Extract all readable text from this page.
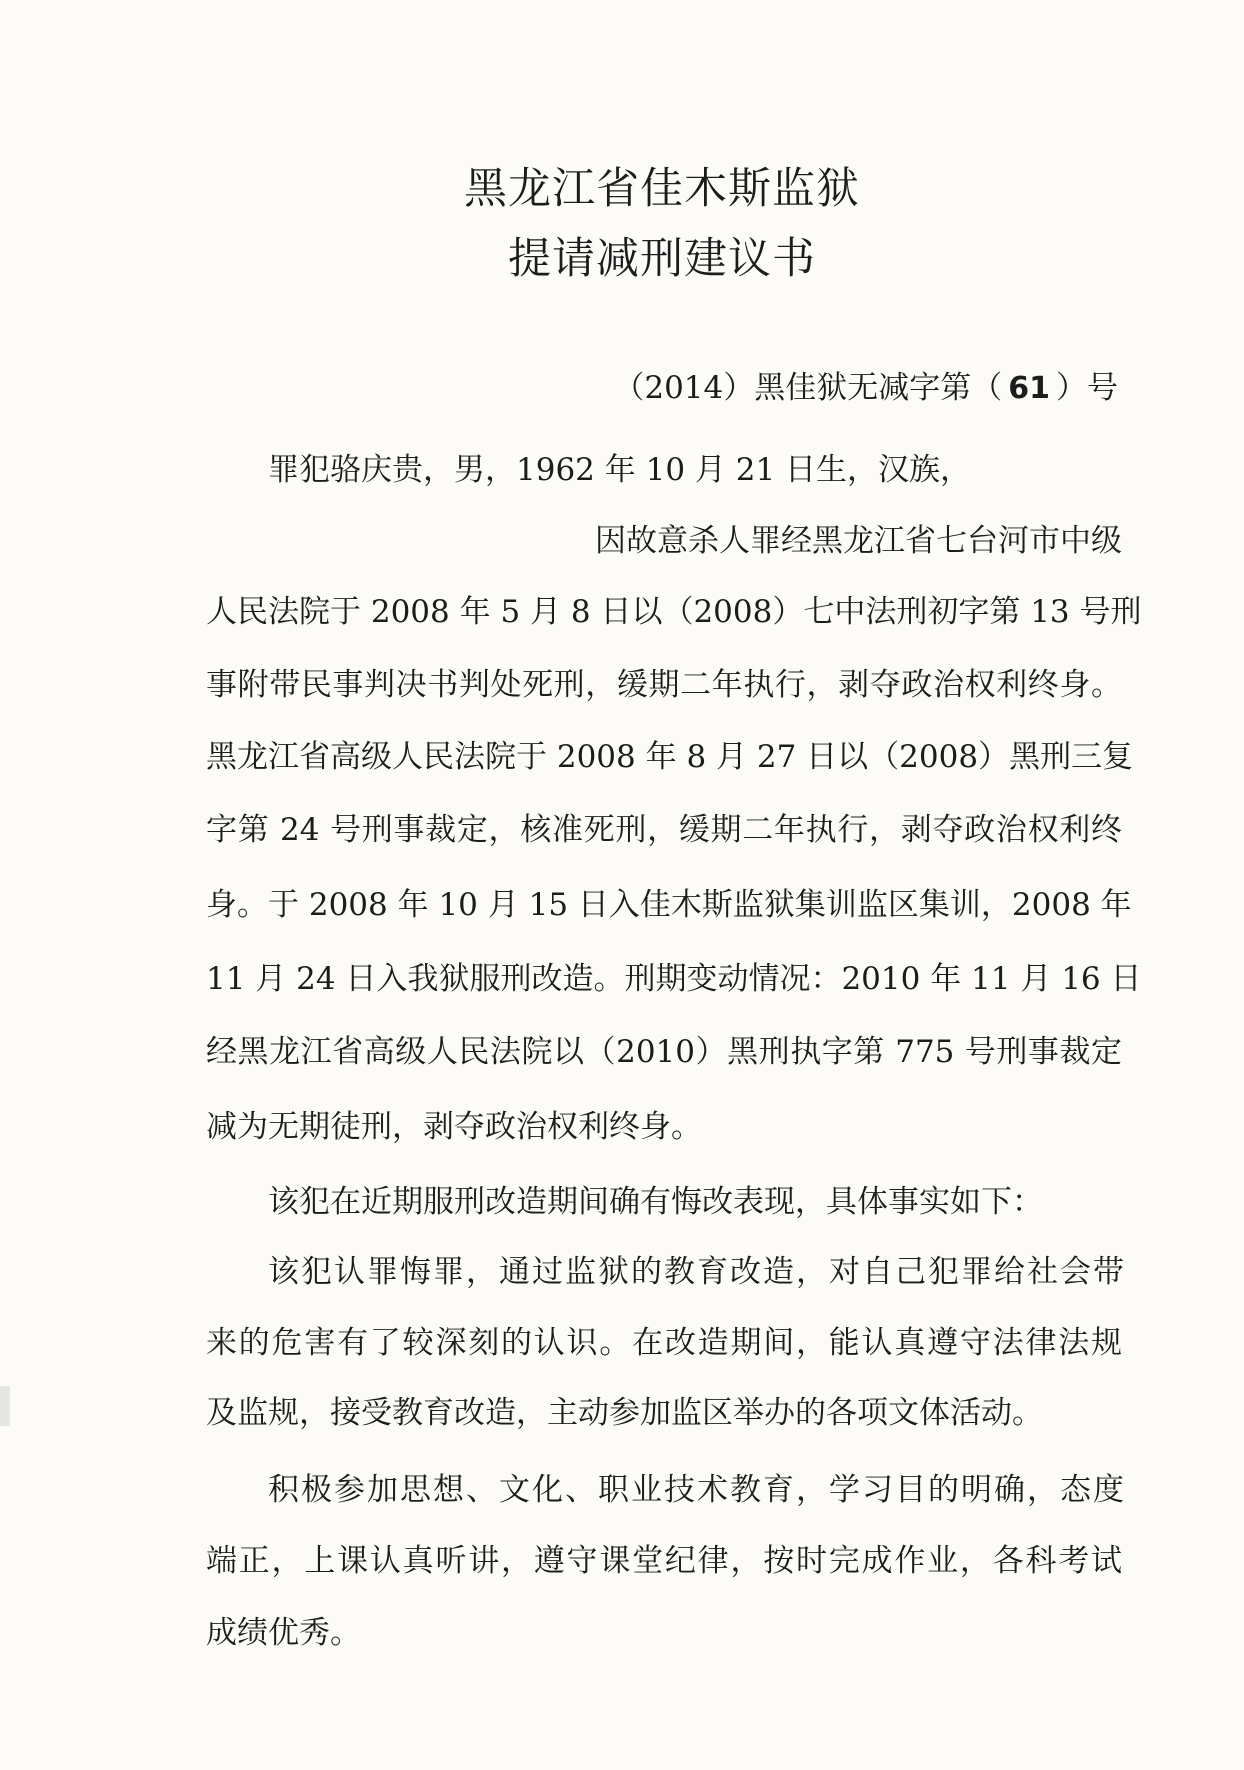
黑龙江省佳木斯监狱
提请减刑建议书
（2014）黑佳狱无减字第（ 61 ）号
罪犯骆庆贵，男，1962 年 10 月 21 日生，汉族，
因故意杀人罪经黑龙江省七台河市中级
人民法院于 2008 年 5 月 8 日以（2008）七中法刑初字第 13 号刑
事附带民事判决书判处死刑，缓期二年执行，剥夺政治权利终身。
黑龙江省高级人民法院于 2008 年 8 月 27 日以（2008）黑刑三复
字第 24 号刑事裁定，核准死刑，缓期二年执行，剥夺政治权利终
身。于 2008 年 10 月 15 日入佳木斯监狱集训监区集训，2008 年
11 月 24 日入我狱服刑改造。刑期变动情况：2010 年 11 月 16 日
经黑龙江省高级人民法院以（2010）黑刑执字第 775 号刑事裁定
减为无期徒刑，剥夺政治权利终身。
该犯在近期服刑改造期间确有悔改表现，具体事实如下：
该犯认罪悔罪，通过监狱的教育改造，对自己犯罪给社会带
来的危害有了较深刻的认识。在改造期间，能认真遵守法律法规
及监规，接受教育改造，主动参加监区举办的各项文体活动。
积极参加思想、文化、职业技术教育，学习目的明确，态度
端正，上课认真听讲，遵守课堂纪律，按时完成作业，各科考试
成绩优秀。
